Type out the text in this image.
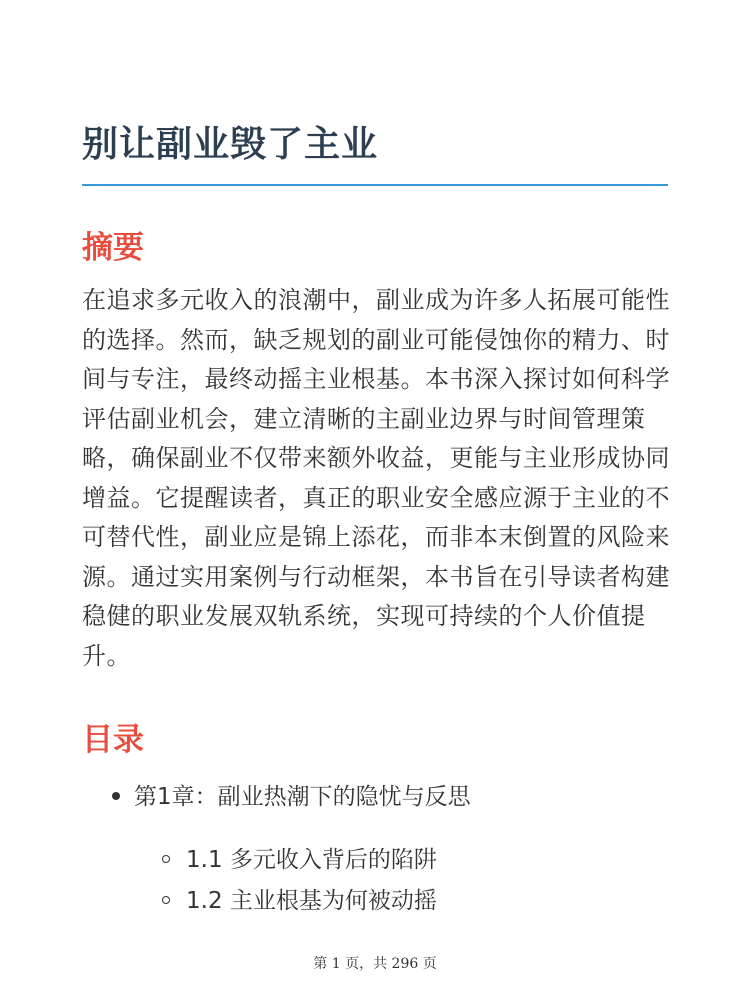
别让副业毁了主业
摘要
在追求多元收入的浪潮中，副业成为许多人拓展可能性的选择。然而，缺乏规划的副业可能侵蚀你的精力、时间与专注，最终动摇主业根基。本书深入探讨如何科学评估副业机会，建立清晰的主副业边界与时间管理策略，确保副业不仅带来额外收益，更能与主业形成协同增益。它提醒读者，真正的职业安全感应源于主业的不可替代性，副业应是锦上添花，而非本末倒置的风险来源。通过实用案例与行动框架，本书旨在引导读者构建稳健的职业发展双轨系统，实现可持续的个人价值提升。
目录
第1章：副业热潮下的隐忧与反思
1.1 多元收入背后的陷阱
1.2 主业根基为何被动摇
第 1 页，共 296 页
